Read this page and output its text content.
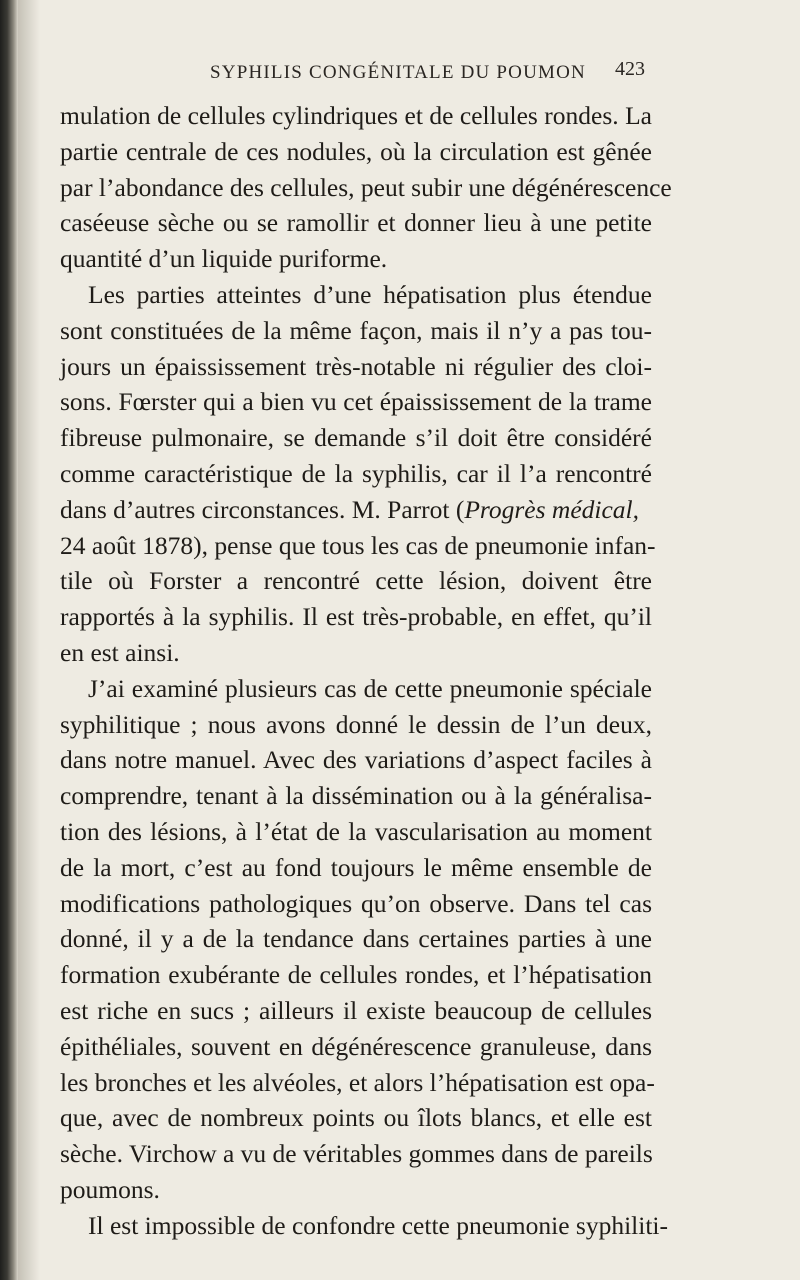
SYPHILIS CONGÉNITALE DU POUMON 423
mulation de cellules cylindriques et de cellules rondes. La
partie centrale de ces nodules, où la circulation est gênée
par l’abondance des cellules, peut subir une dégénérescence
caséeuse sèche ou se ramollir et donner lieu à une petite
quantité d’un liquide puriforme.
Les parties atteintes d’une hépatisation plus étendue
sont constituées de la même façon, mais il n’y a pas tou-
jours un épaississement très-notable ni régulier des cloi-
sons. Fœrster qui a bien vu cet épaississement de la trame
fibreuse pulmonaire, se demande s’il doit être considéré
comme caractéristique de la syphilis, car il l’a rencontré
dans d’autres circonstances. M. Parrot (Progrès médical,
24 août 1878), pense que tous les cas de pneumonie infan-
tile où Forster a rencontré cette lésion, doivent être
rapportés à la syphilis. Il est très-probable, en effet, qu’il
en est ainsi.
J’ai examiné plusieurs cas de cette pneumonie spéciale
syphilitique ; nous avons donné le dessin de l’un deux,
dans notre manuel. Avec des variations d’aspect faciles à
comprendre, tenant à la dissémination ou à la généralisa-
tion des lésions, à l’état de la vascularisation au moment
de la mort, c’est au fond toujours le même ensemble de
modifications pathologiques qu’on observe. Dans tel cas
donné, il y a de la tendance dans certaines parties à une
formation exubérante de cellules rondes, et l’hépatisation
est riche en sucs ; ailleurs il existe beaucoup de cellules
épithéliales, souvent en dégénérescence granuleuse, dans
les bronches et les alvéoles, et alors l’hépatisation est opa-
que, avec de nombreux points ou îlots blancs, et elle est
sèche. Virchow a vu de véritables gommes dans de pareils
poumons.
Il est impossible de confondre cette pneumonie syphiliti-
